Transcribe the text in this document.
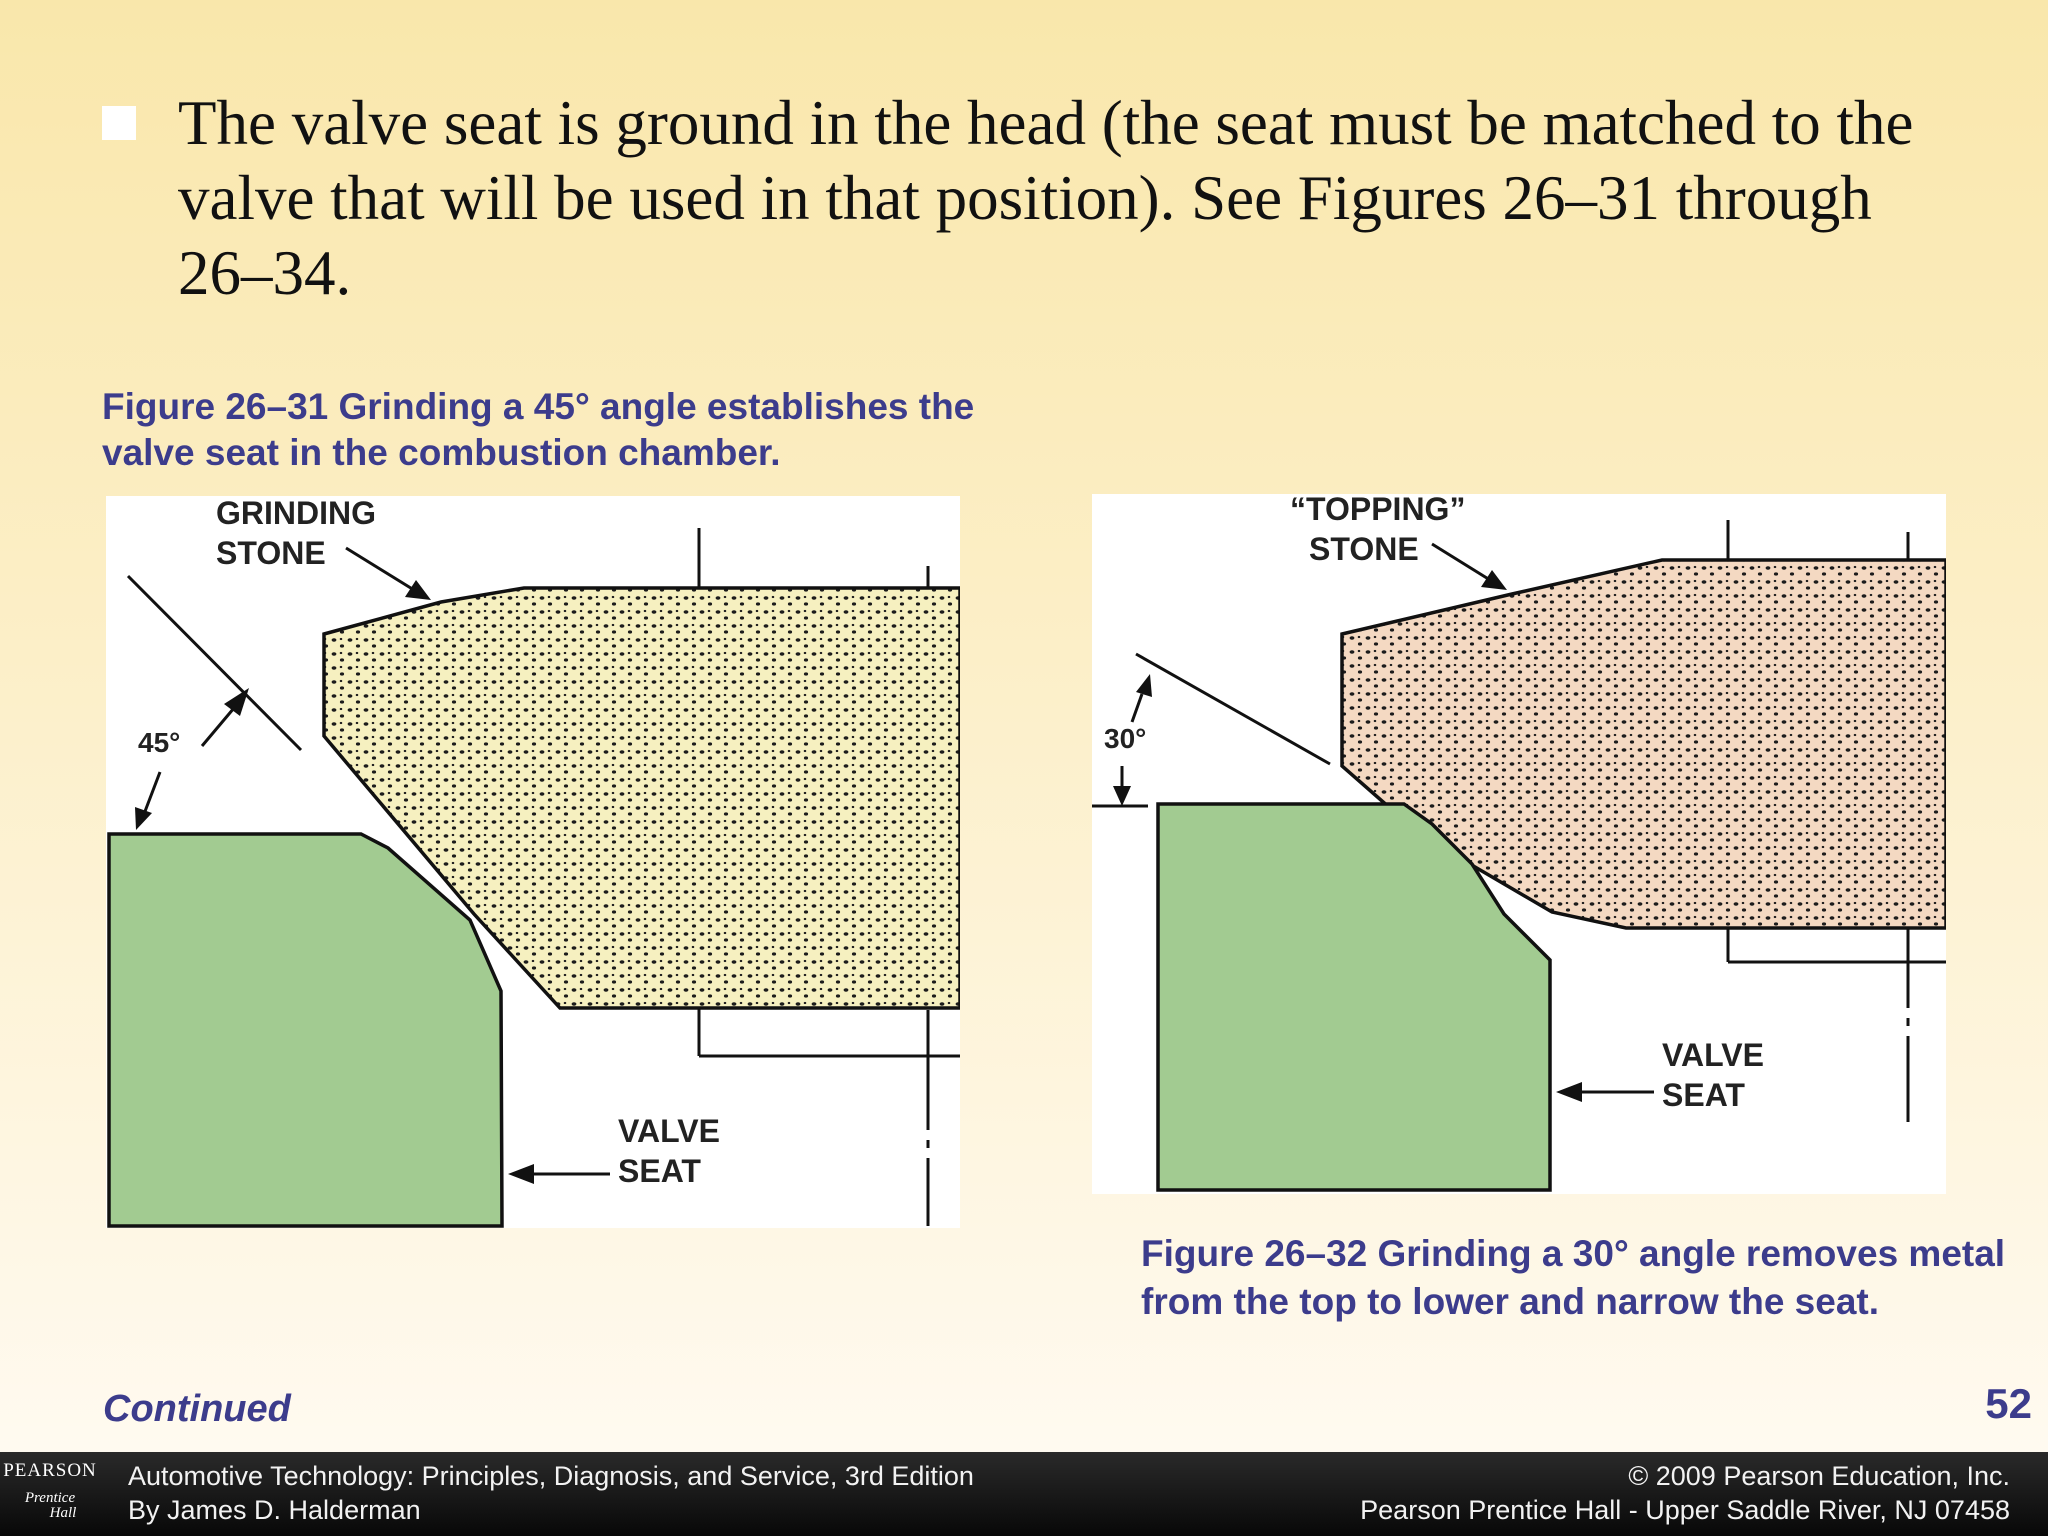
The valve seat is ground in the head (the seat must be matched to the valve that will be used in that position). See Figures 26–31 through 26–34.

Figure 26–31 Grinding a 45° angle establishes the valve seat in the combustion chamber.

45°
GRINDING
STONE
VALVE
SEAT
30°
“TOPPING”
STONE
VALVE
SEAT

Figure 26–32 Grinding a 30° angle removes metal from the top to lower and narrow the seat.

Continued	52
PEARSON
Prentice
Hall
Automotive Technology: Principles, Diagnosis, and Service, 3rd Edition
By James D. Halderman
© 2009 Pearson Education, Inc.
Pearson Prentice Hall - Upper Saddle River, NJ 07458
